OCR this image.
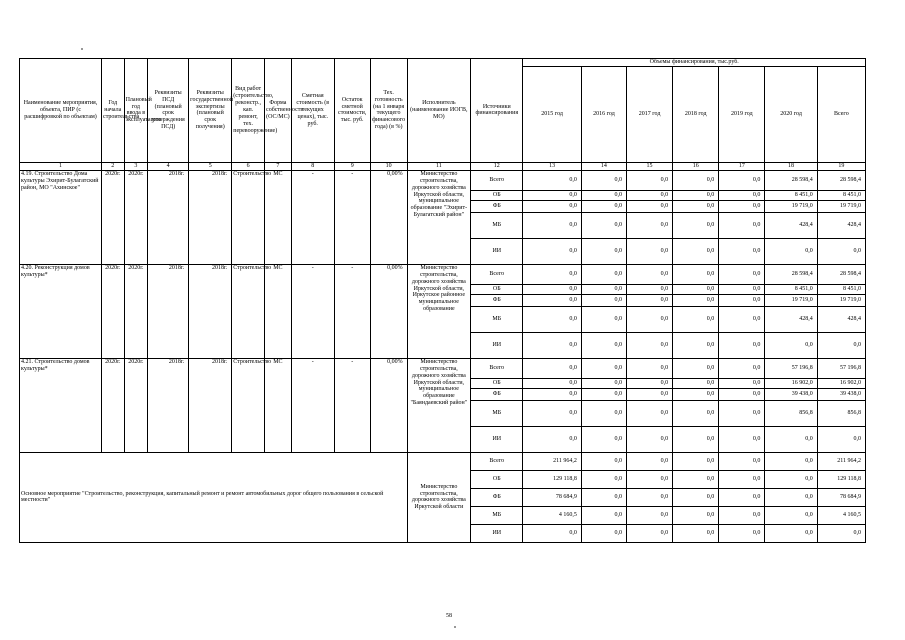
Наименование мероприятия, объекта, ПИР (с расшифровкой по объектам)	Год начала строительства	Плановый год ввода в эксплуатацию	Реквизиты ПСД (плановый срок утверждения ПСД)	Реквизиты государственной экспертизы (плановый срок получения)	Вид работ (строительство, реконстр., кап. ремонт, тех. перевооружение)	Форма собственности (ОС/МС)	Сметная стоимость (в текущих ценах), тыс. руб.	Остаток сметной стоимости, тыс. руб.	Тех. готовность (на 1 января текущего финансового года) (в %)	Исполнитель (наименование ИОГВ, МО)	Источники финансирования	Объемы финансирования, тыс.руб.						
												2015 год	2016 год	2017 год	2018 год	2019 год	2020 год	Всего
1	2	3	4	5	6	7	8	9	10	11	12	13	14	15	16	17	18	19
4.19. Строительство Дома культуры Эхирит-Булагатский район, МО "Ахинское"	2020г.	2020г.	2018г.	2018г.	Строительство	МС	-	-	0,00%	Министерство строительства, дорожного хозяйства Иркутской области, муниципальное образование "Эхирит-Булагатский район"	Всего	0,0	0,0	0,0	0,0	0,0	28 598,4	28 598,4
											ОБ	0,0	0,0	0,0	0,0	0,0	8 451,0	8 451,0
											ФБ	0,0	0,0	0,0	0,0	0,0	19 719,0	19 719,0
											МБ	0,0	0,0	0,0	0,0	0,0	428,4	428,4
											ИИ	0,0	0,0	0,0	0,0	0,0	0,0	0,0
4.20. Реконструкция домов культуры*	2020г.	2020г.	2018г.	2018г.	Строительство	МС	-	-	0,00%	Министерство строительства, дорожного хозяйства Иркутской области, Иркутское районное муниципальное образование	Всего	0,0	0,0	0,0	0,0	0,0	28 598,4	28 598,4
											ОБ	0,0	0,0	0,0	0,0	0,0	8 451,0	8 451,0
											ФБ	0,0	0,0	0,0	0,0	0,0	19 719,0	19 719,0
											МБ	0,0	0,0	0,0	0,0	0,0	428,4	428,4
											ИИ	0,0	0,0	0,0	0,0	0,0	0,0	0,0
4.21. Строительство домов культуры*	2020г.	2020г.	2018г.	2018г.	Строительство	МС	-	-	0,00%	Министерство строительства, дорожного хозяйства Иркутской области, муниципальное образование "Баяндаевский район"	Всего	0,0	0,0	0,0	0,0	0,0	57 196,8	57 196,8
											ОБ	0,0	0,0	0,0	0,0	0,0	16 902,0	16 902,0
											ФБ	0,0	0,0	0,0	0,0	0,0	39 438,0	39 438,0
											МБ	0,0	0,0	0,0	0,0	0,0	856,8	856,8
											ИИ	0,0	0,0	0,0	0,0	0,0	0,0	0,0
Основное мероприятие "Строительство, реконструкция, капитальный ремонт и ремонт автомобильных дорог общего пользования в сельской местности"										Министерство строительства, дорожного хозяйства Иркутской области	Всего	211 964,2	0,0	0,0	0,0	0,0	0,0	211 964,2
											ОБ	129 118,8	0,0	0,0	0,0	0,0	0,0	129 118,8
											ФБ	78 684,9	0,0	0,0	0,0	0,0	0,0	78 684,9
											МБ	4 160,5	0,0	0,0	0,0	0,0	0,0	4 160,5
											ИИ	0,0	0,0	0,0	0,0	0,0	0,0	0,0
58
